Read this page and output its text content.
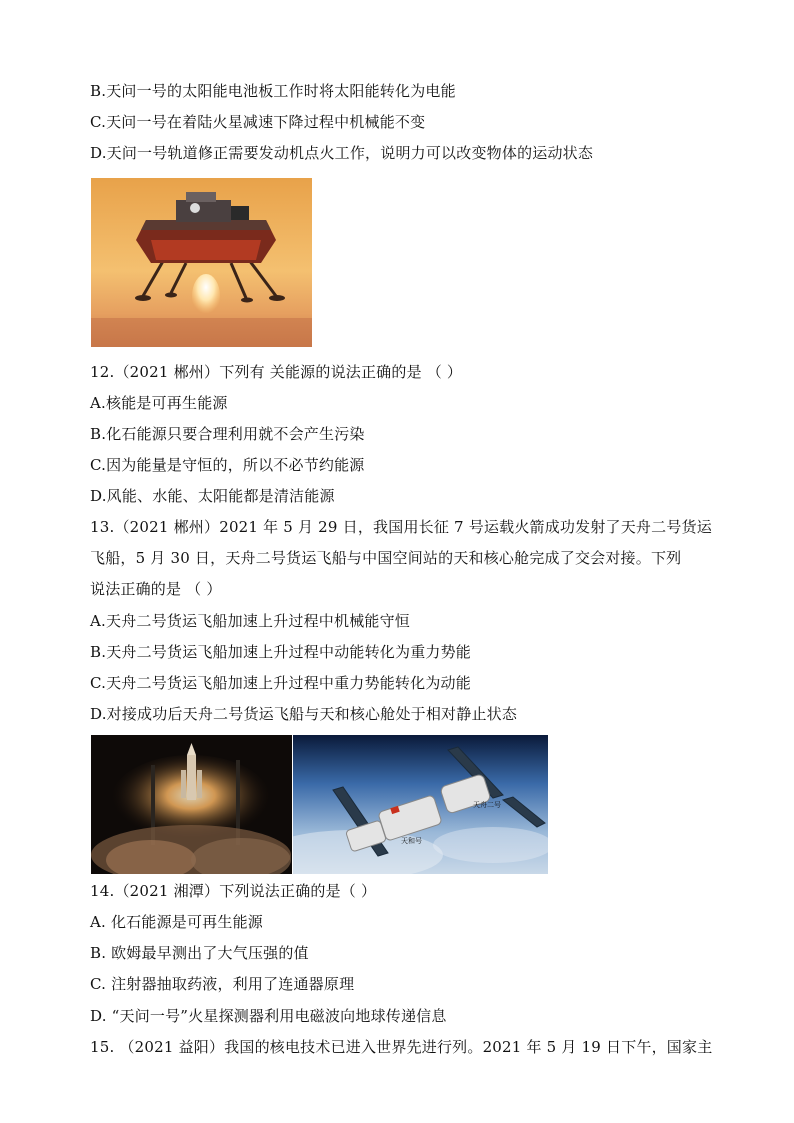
B.天问一号的太阳能电池板工作时将太阳能转化为电能
C.天问一号在着陆火星减速下降过程中机械能不变
D.天问一号轨道修正需要发动机点火工作，说明力可以改变物体的运动状态
12.（2021 郴州）下列有 关能源的说法正确的是 （ ）
A.核能是可再生能源
B.化石能源只要合理利用就不会产生污染
C.因为能量是守恒的，所以不必节约能源
D.风能、水能、太阳能都是清洁能源
13.（2021 郴州）2021 年 5 月 29 日，我国用长征 7 号运载火箭成功发射了天舟二号货运
飞船，5 月 30 日，天舟二号货运飞船与中国空间站的天和核心舱完成了交会对接。下列
说法正确的是 （ ）
A.天舟二号货运飞船加速上升过程中机械能守恒
B.天舟二号货运飞船加速上升过程中动能转化为重力势能
C.天舟二号货运飞船加速上升过程中重力势能转化为动能
D.对接成功后天舟二号货运飞船与天和核心舱处于相对静止状态
天舟二号
天和号
14.（2021 湘潭）下列说法正确的是（ ）
A. 化石能源是可再生能源
B. 欧姆最早测出了大气压强的值
C. 注射器抽取药液，利用了连通器原理
D. “天问一号”火星探测器利用电磁波向地球传递信息
15. （2021 益阳）我国的核电技术已进入世界先进行列。2021 年 5 月 19 日下午，国家主
